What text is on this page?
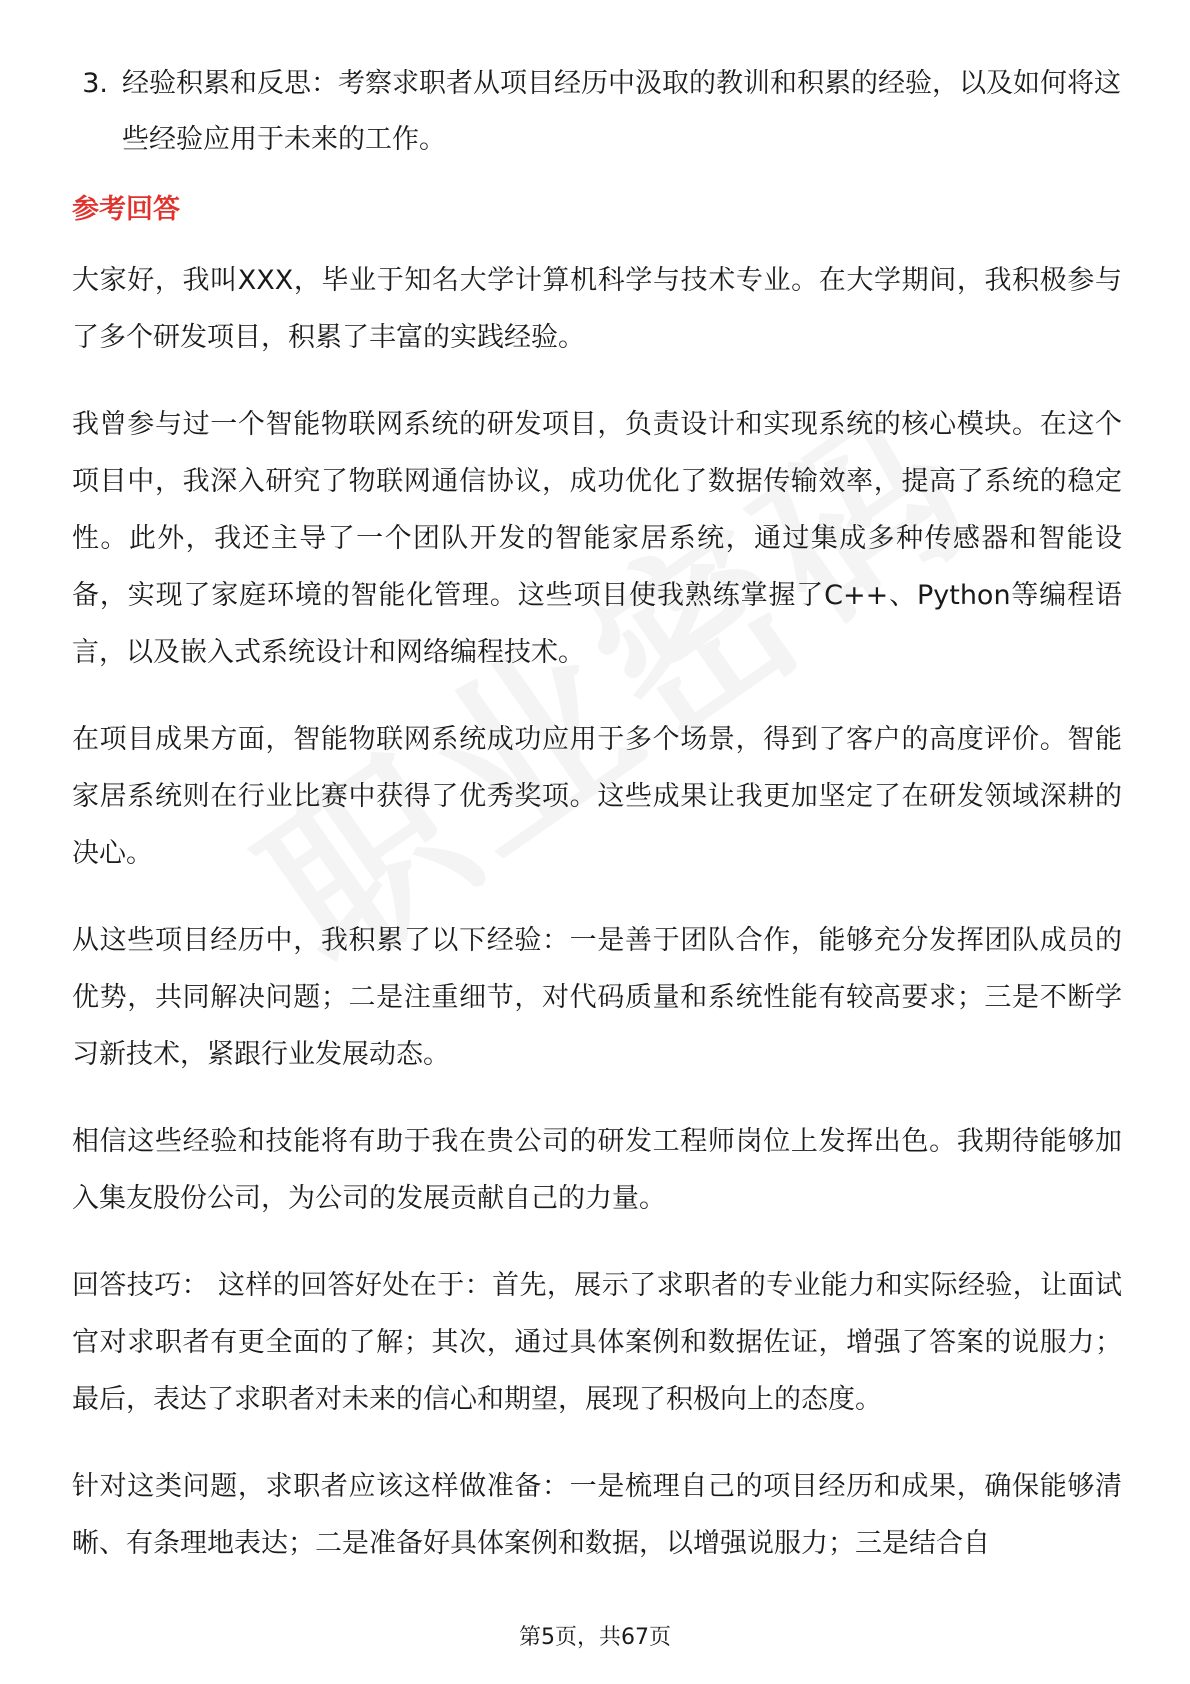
3. 经验积累和反思：考察求职者从项目经历中汲取的教训和积累的经验，以及如何将这些经验应用于未来的工作。
参考回答

大家好，我叫XXX，毕业于知名大学计算机科学与技术专业。在大学期间，我积极参与了多个研发项目，积累了丰富的实践经验。

我曾参与过一个智能物联网系统的研发项目，负责设计和实现系统的核心模块。在这个项目中，我深入研究了物联网通信协议，成功优化了数据传输效率，提高了系统的稳定性。此外，我还主导了一个团队开发的智能家居系统，通过集成多种传感器和智能设备，实现了家庭环境的智能化管理。这些项目使我熟练掌握了C++、Python等编程语言，以及嵌入式系统设计和网络编程技术。

在项目成果方面，智能物联网系统成功应用于多个场景，得到了客户的高度评价。智能家居系统则在行业比赛中获得了优秀奖项。这些成果让我更加坚定了在研发领域深耕的决心。

从这些项目经历中，我积累了以下经验：一是善于团队合作，能够充分发挥团队成员的优势，共同解决问题；二是注重细节，对代码质量和系统性能有较高要求；三是不断学习新技术，紧跟行业发展动态。

相信这些经验和技能将有助于我在贵公司的研发工程师岗位上发挥出色。我期待能够加入集友股份公司，为公司的发展贡献自己的力量。

回答技巧： 这样的回答好处在于：首先，展示了求职者的专业能力和实际经验，让面试官对求职者有更全面的了解；其次，通过具体案例和数据佐证，增强了答案的说服力；最后，表达了求职者对未来的信心和期望，展现了积极向上的态度。

针对这类问题，求职者应该这样做准备：一是梳理自己的项目经历和成果，确保能够清晰、有条理地表达；二是准备好具体案例和数据，以增强说服力；三是结合自

第5页，共67页
